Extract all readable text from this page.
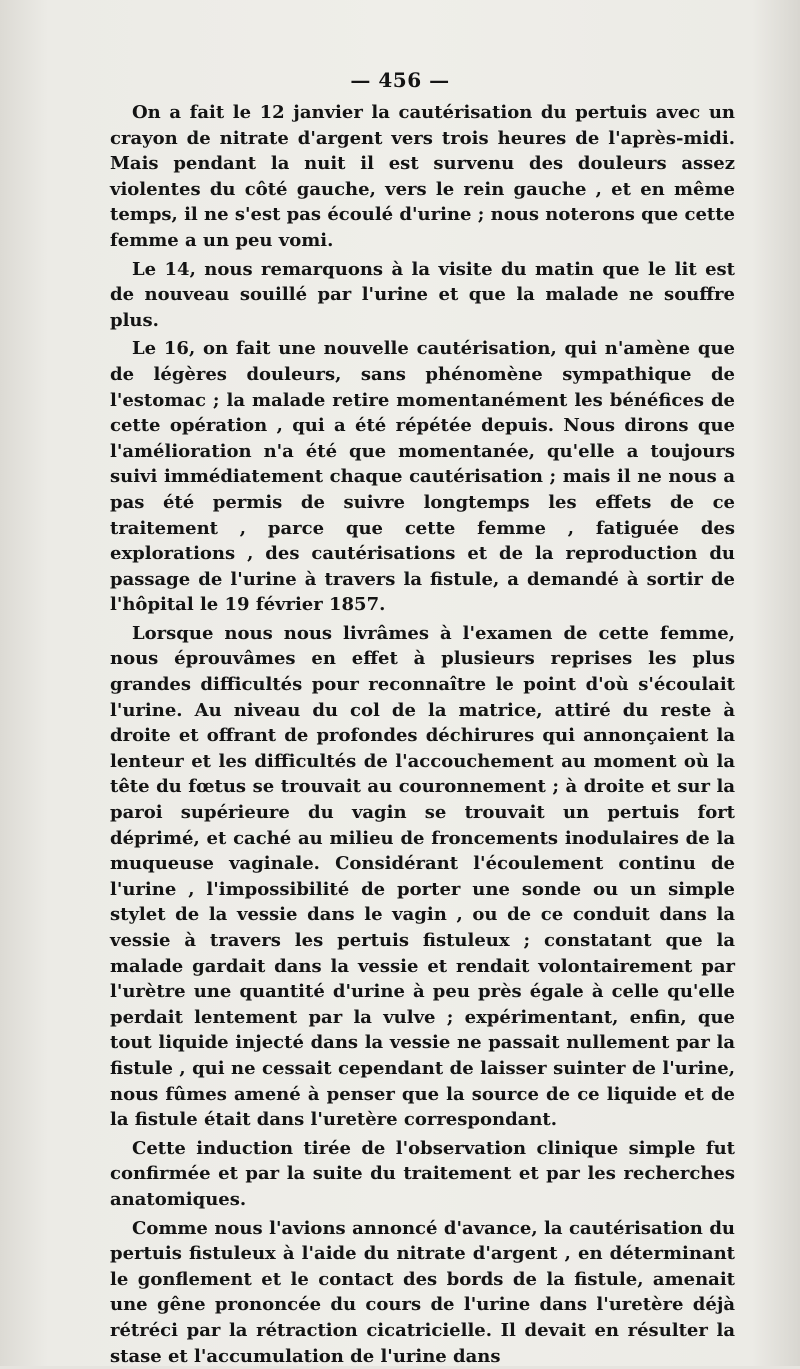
— 456 —

On a fait le 12 janvier la cautérisation du pertuis avec un crayon de nitrate d'argent vers trois heures de l'après-midi. Mais pendant la nuit il est survenu des douleurs assez violentes du côté gauche, vers le rein gauche , et en même temps, il ne s'est pas écoulé d'urine ; nous noterons que cette femme a un peu vomi.

Le 14, nous remarquons à la visite du matin que le lit est de nouveau souillé par l'urine et que la malade ne souffre plus.

Le 16, on fait une nouvelle cautérisation, qui n'amène que de légères douleurs, sans phénomène sympathique de l'estomac ; la malade retire momentanément les bénéfices de cette opération , qui a été répétée depuis. Nous dirons que l'amélioration n'a été que momentanée, qu'elle a toujours suivi immédiatement chaque cautérisation ; mais il ne nous a pas été permis de suivre longtemps les effets de ce traitement , parce que cette femme , fatiguée des explorations , des cautérisations et de la reproduction du passage de l'urine à travers la fistule, a demandé à sortir de l'hôpital le 19 février 1857.

Lorsque nous nous livrâmes à l'examen de cette femme, nous éprouvâmes en effet à plusieurs reprises les plus grandes difficultés pour reconnaître le point d'où s'écoulait l'urine. Au niveau du col de la matrice, attiré du reste à droite et offrant de profondes déchirures qui annonçaient la lenteur et les difficultés de l'accouchement au moment où la tête du fœtus se trouvait au couronnement ; à droite et sur la paroi supérieure du vagin se trouvait un pertuis fort déprimé, et caché au milieu de froncements inodulaires de la muqueuse vaginale. Considérant l'écoulement continu de l'urine , l'impossibilité de porter une sonde ou un simple stylet de la vessie dans le vagin , ou de ce conduit dans la vessie à travers les pertuis fistuleux ; constatant que la malade gardait dans la vessie et rendait volontairement par l'urètre une quantité d'urine à peu près égale à celle qu'elle perdait lentement par la vulve ; expérimentant, enfin, que tout liquide injecté dans la vessie ne passait nullement par la fistule , qui ne cessait cependant de laisser suinter de l'urine, nous fûmes amené à penser que la source de ce liquide et de la fistule était dans l'uretère correspondant.

Cette induction tirée de l'observation clinique simple fut confirmée et par la suite du traitement et par les recherches anatomiques.

Comme nous l'avions annoncé d'avance, la cautérisation du pertuis fistuleux à l'aide du nitrate d'argent , en déterminant le gonflement et le contact des bords de la fistule, amenait une gêne prononcée du cours de l'urine dans l'uretère déjà rétréci par la rétraction cicatricielle. Il devait en résulter la stase et l'accumulation de l'urine dans
